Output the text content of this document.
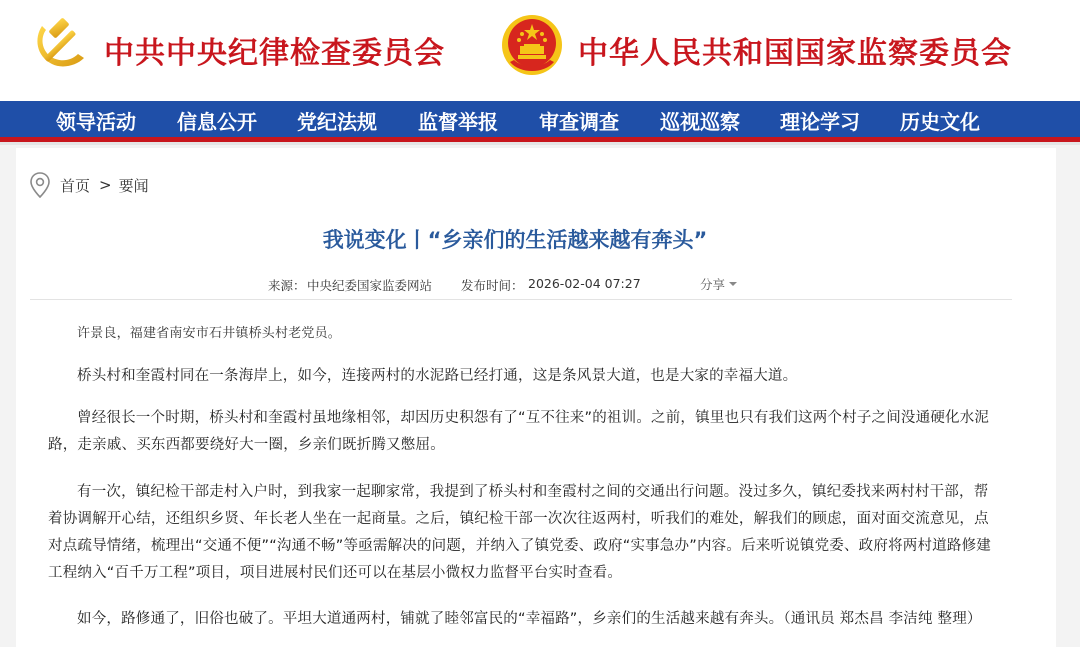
中共中央纪律检查委员会	中华人民共和国国家监察委员会
领导活动 信息公开 党纪法规 监督举报 审查调查 巡视巡察 理论学习 历史文化
首页 > 要闻
我说变化丨“乡亲们的生活越来越有奔头”
来源： 中央纪委国家监委网站 发布时间： 2026-02-04 07:27	分享

许景良，福建省南安市石井镇桥头村老党员。

桥头村和奎霞村同在一条海岸上，如今，连接两村的水泥路已经打通，这是条风景大道，也是大家的幸福大道。

曾经很长一个时期，桥头村和奎霞村虽地缘相邻，却因历史积怨有了“互不往来”的祖训。之前，镇里也只有我们这两个村子之间没通硬化水泥路，走亲戚、买东西都要绕好大一圈，乡亲们既折腾又憋屈。

有一次，镇纪检干部走村入户时，到我家一起聊家常，我提到了桥头村和奎霞村之间的交通出行问题。没过多久，镇纪委找来两村村干部，帮着协调解开心结，还组织乡贤、年长老人坐在一起商量。之后，镇纪检干部一次次往返两村，听我们的难处，解我们的顾虑，面对面交流意见，点对点疏导情绪，梳理出“交通不便”“沟通不畅”等亟需解决的问题，并纳入了镇党委、政府“实事急办”内容。后来听说镇党委、政府将两村道路修建工程纳入“百千万工程”项目，项目进展村民们还可以在基层小微权力监督平台实时查看。

如今，路修通了，旧俗也破了。平坦大道通两村，铺就了睦邻富民的“幸福路”，乡亲们的生活越来越有奔头。（通讯员 郑杰昌 李洁纯 整理）
